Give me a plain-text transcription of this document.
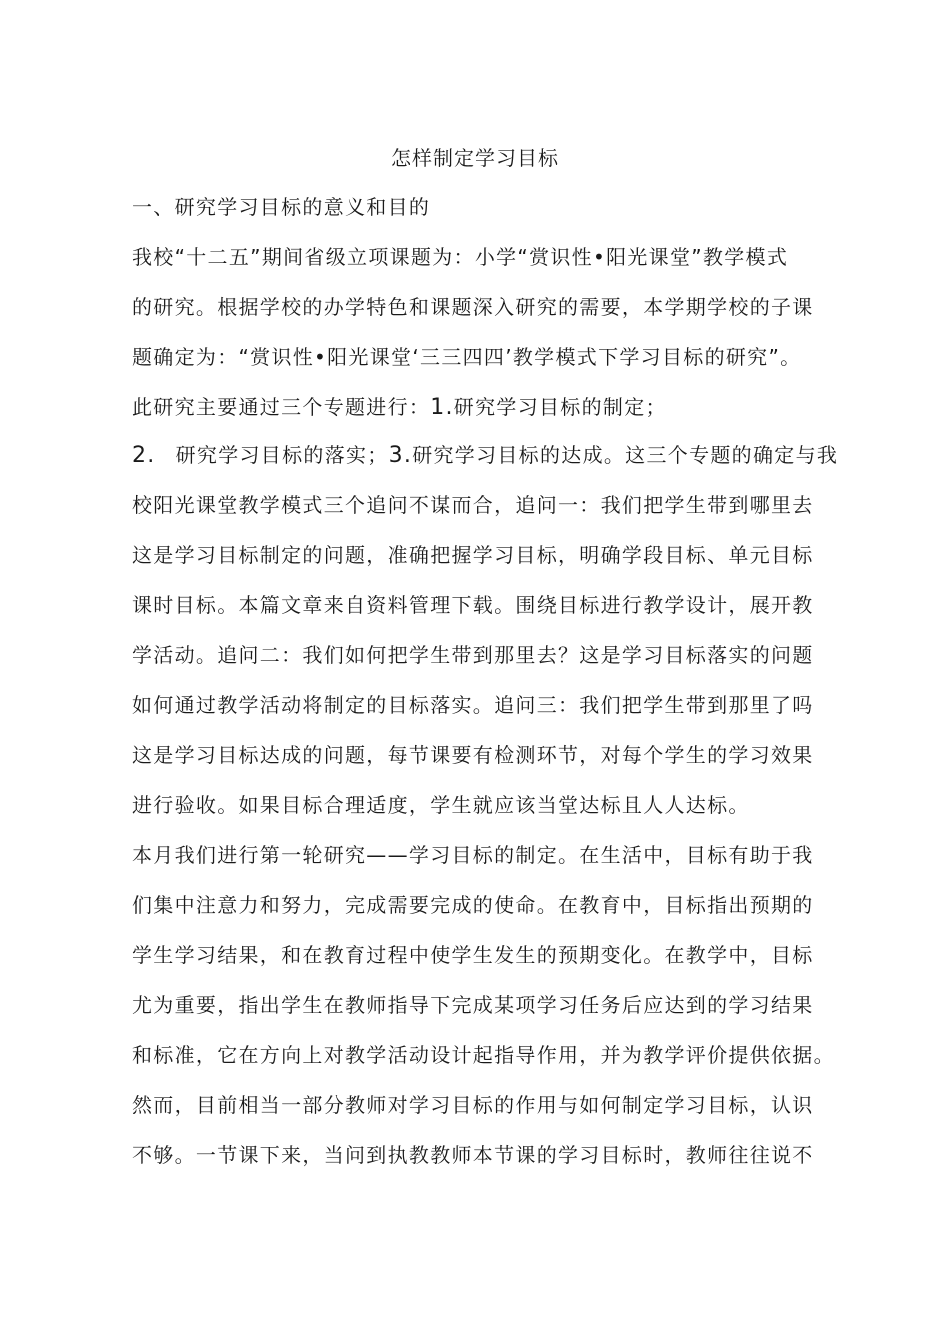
怎样制定学习目标
一、研究学习目标的意义和目的
我校“十二五”期间省级立项课题为：小学“赏识性•阳光课堂”教学模式
的研究。根据学校的办学特色和课题深入研究的需要，本学期学校的子课
题确定为：“赏识性•阳光课堂‘三三四四’教学模式下学习目标的研究”。
此研究主要通过三个专题进行：1.研究学习目标的制定；
2. 研究学习目标的落实；3.研究学习目标的达成。这三个专题的确定与我
校阳光课堂教学模式三个追问不谋而合，追问一：我们把学生带到哪里去
这是学习目标制定的问题，准确把握学习目标，明确学段目标、单元目标
课时目标。本篇文章来自资料管理下载。围绕目标进行教学设计，展开教
学活动。追问二：我们如何把学生带到那里去？这是学习目标落实的问题
如何通过教学活动将制定的目标落实。追问三：我们把学生带到那里了吗
这是学习目标达成的问题，每节课要有检测环节，对每个学生的学习效果
进行验收。如果目标合理适度，学生就应该当堂达标且人人达标。
本月我们进行第一轮研究——学习目标的制定。在生活中，目标有助于我
们集中注意力和努力，完成需要完成的使命。在教育中，目标指出预期的
学生学习结果，和在教育过程中使学生发生的预期变化。在教学中，目标
尤为重要，指出学生在教师指导下完成某项学习任务后应达到的学习结果
和标准，它在方向上对教学活动设计起指导作用，并为教学评价提供依据。
然而，目前相当一部分教师对学习目标的作用与如何制定学习目标，认识
不够。一节课下来，当问到执教教师本节课的学习目标时，教师往往说不
